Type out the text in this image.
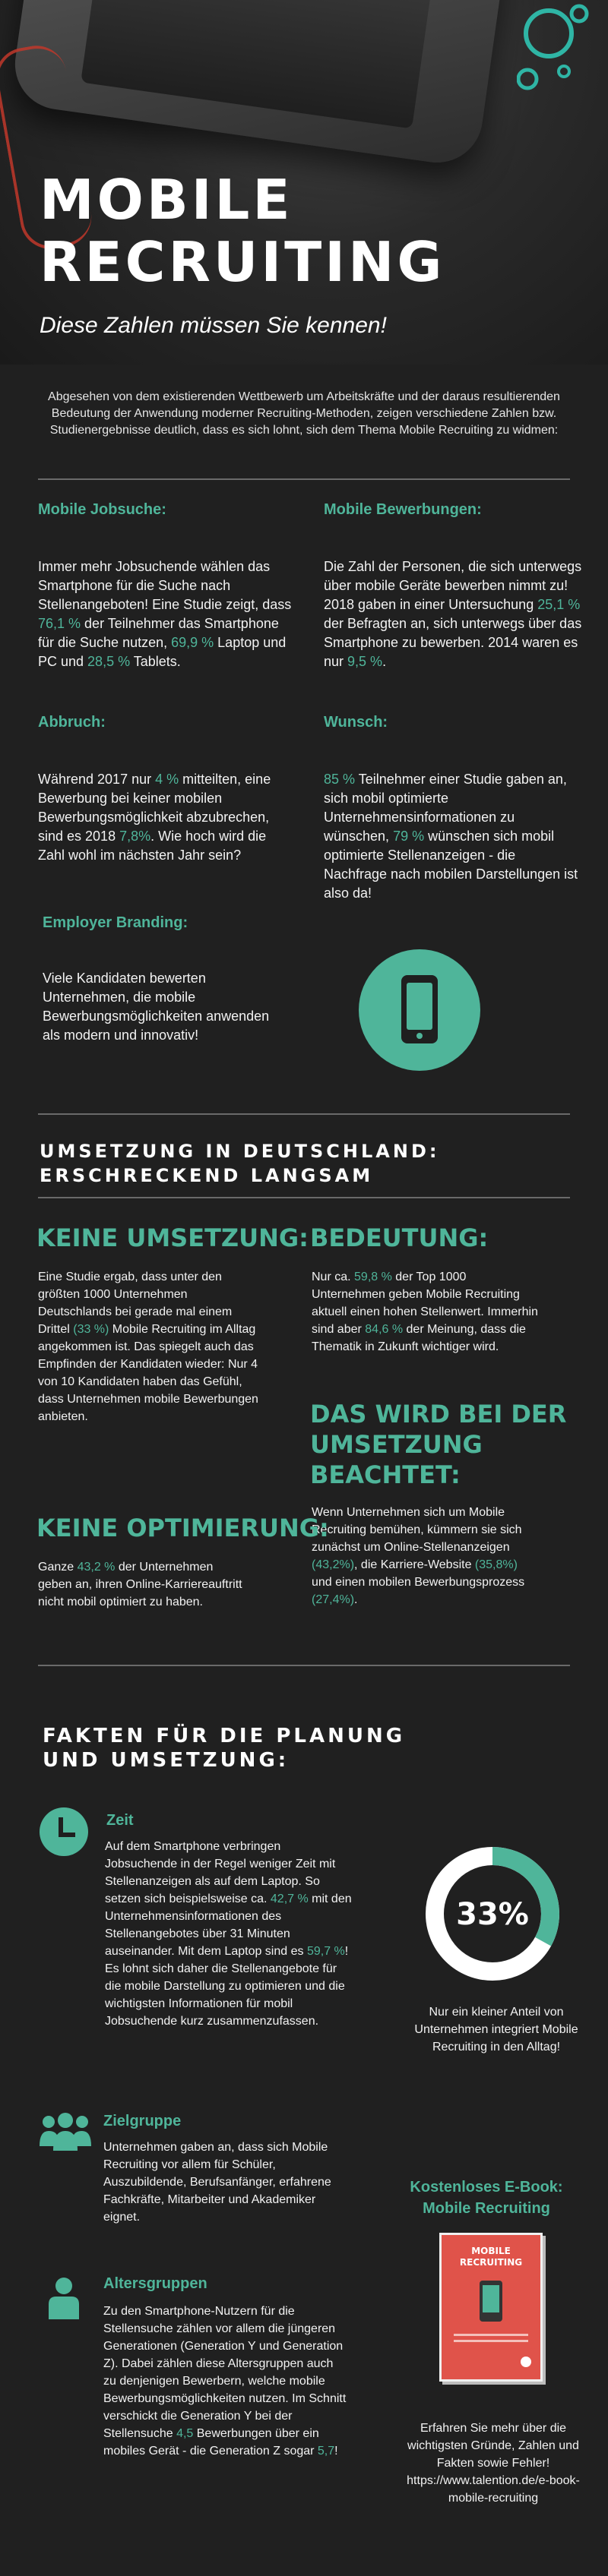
MOBILE
RECRUITING
Diese Zahlen müssen Sie kennen!
Abgesehen von dem existierenden Wettbewerb um Arbeitskräfte und der daraus resultierenden Bedeutung der Anwendung moderner Recruiting-Methoden, zeigen verschiedene Zahlen bzw. Studienergebnisse deutlich, dass es sich lohnt, sich dem Thema Mobile Recruiting zu widmen:
Mobile Jobsuche:
Immer mehr Jobsuchende wählen das Smartphone für die Suche nach Stellenangeboten! Eine Studie zeigt, dass 76,1 % der Teilnehmer das Smartphone für die Suche nutzen, 69,9 % Laptop und PC und 28,5 % Tablets.
Mobile Bewerbungen:
Die Zahl der Personen, die sich unterwegs über mobile Geräte bewerben nimmt zu! 2018 gaben in einer Untersuchung 25,1 % der Befragten an, sich unterwegs über das Smartphone zu bewerben. 2014 waren es nur 9,5 %.
Abbruch:
Während 2017 nur 4 % mitteilten, eine Bewerbung bei keiner mobilen Bewerbungsmöglichkeit abzubrechen, sind es 2018 7,8%. Wie hoch wird die Zahl wohl im nächsten Jahr sein?
Wunsch:
85 % Teilnehmer einer Studie gaben an, sich mobil optimierte Unternehmensinformationen zu wünschen, 79 % wünschen sich mobil optimierte Stellenanzeigen - die Nachfrage nach mobilen Darstellungen ist also da!
Employer Branding:
Viele Kandidaten bewerten Unternehmen, die mobile Bewerbungsmöglichkeiten anwenden als modern und innovativ!
UMSETZUNG IN DEUTSCHLAND:
ERSCHRECKEND LANGSAM
KEINE UMSETZUNG:
Eine Studie ergab, dass unter den größten 1000 Unternehmen Deutschlands bei gerade mal einem Drittel (33 %) Mobile Recruiting im Alltag angekommen ist. Das spiegelt auch das Empfinden der Kandidaten wieder: Nur 4 von 10 Kandidaten haben das Gefühl, dass Unternehmen mobile Bewerbungen anbieten.
BEDEUTUNG:
Nur ca. 59,8 % der Top 1000 Unternehmen geben Mobile Recruiting aktuell einen hohen Stellenwert. Immerhin sind aber 84,6 % der Meinung, dass die Thematik in Zukunft wichtiger wird.
DAS WIRD BEI DER
UMSETZUNG
BEACHTET:
Wenn Unternehmen sich um Mobile Recruiting bemühen, kümmern sie sich zunächst um Online-Stellenanzeigen (43,2%), die Karriere-Website (35,8%) und einen mobilen Bewerbungsprozess (27,4%).
KEINE OPTIMIERUNG:
Ganze 43,2 % der Unternehmen geben an, ihren Online-Karriereauftritt nicht mobil optimiert zu haben.
FAKTEN FÜR DIE PLANUNG
UND UMSETZUNG:
Zeit
Auf dem Smartphone verbringen Jobsuchende in der Regel weniger Zeit mit Stellenanzeigen als auf dem Laptop. So setzen sich beispielsweise ca. 42,7 % mit den Unternehmensinformationen des Stellenangebotes über 31 Minuten auseinander. Mit dem Laptop sind es 59,7 %! Es lohnt sich daher die Stellenangebote für die mobile Darstellung zu optimieren und die wichtigsten Informationen für mobil Jobsuchende kurz zusammenzufassen.
33%
Nur ein kleiner Anteil von Unternehmen integriert Mobile Recruiting in den Alltag!
Zielgruppe
Unternehmen gaben an, dass sich Mobile Recruiting vor allem für Schüler, Auszubildende, Berufsanfänger, erfahrene Fachkräfte, Mitarbeiter und Akademiker eignet.
Altersgruppen
Zu den Smartphone-Nutzern für die Stellensuche zählen vor allem die jüngeren Generationen (Generation Y und Generation Z). Dabei zählen diese Altersgruppen auch zu denjenigen Bewerbern, welche mobile Bewerbungsmöglichkeiten nutzen. Im Schnitt verschickt die Generation Y bei der Stellensuche 4,5 Bewerbungen über ein mobiles Gerät - die Generation Z sogar 5,7!
Kostenloses E-Book:
Mobile Recruiting
MOBILE
RECRUITING
Erfahren Sie mehr über die wichtigsten Gründe, Zahlen und Fakten sowie Fehler! https://www.talention.de/e-book-mobile-recruiting
